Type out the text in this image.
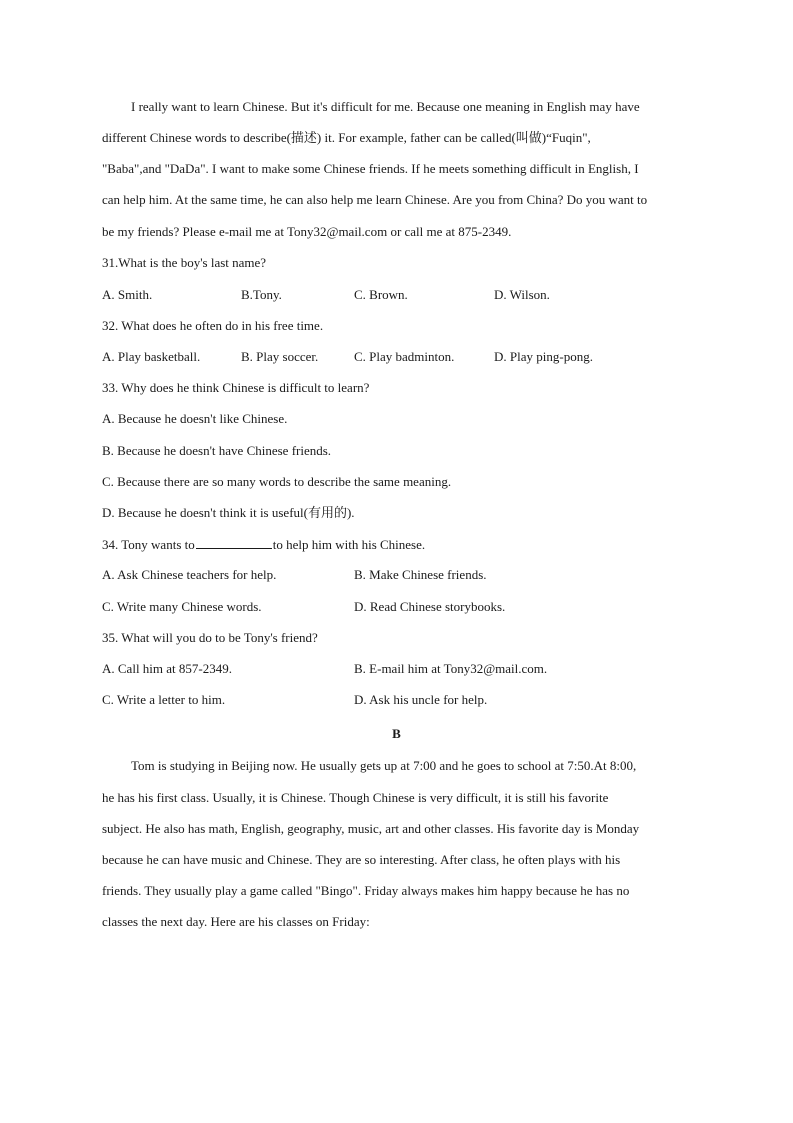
I really want to learn Chinese. But it's difficult for me. Because one meaning in English may have
different Chinese words to describe(描述) it. For example, father can be called(叫做)“Fuqin",
"Baba",and "DaDa". I want to make some Chinese friends. If he meets something difficult in English, I
can help him. At the same time, he can also help me learn Chinese. Are you from China? Do you want to
be my friends? Please e-mail me at Tony32@mail.com or call me at 875-2349.
31.What is the boy's last name?
A. Smith.	B.Tony.	C. Brown.	D. Wilson.
32. What does he often do in his free time.
A. Play basketball.	B. Play soccer.	C. Play badminton.	D. Play ping-pong.
33. Why does he think Chinese is difficult to learn?
A. Because he doesn't like Chinese.
B. Because he doesn't have Chinese friends.
C. Because there are so many words to describe the same meaning.
D. Because he doesn't think it is useful(有用的).
34. Tony wants to	to help him with his Chinese.
A. Ask Chinese teachers for help.	B. Make Chinese friends.
C. Write many Chinese words.	D. Read Chinese storybooks.
35. What will you do to be Tony's friend?
A. Call him at 857-2349.	B. E-mail him at Tony32@mail.com.
C. Write a letter to him.	D. Ask his uncle for help.
B
Tom is studying in Beijing now. He usually gets up at 7:00 and he goes to school at 7:50.At 8:00,
he has his first class. Usually, it is Chinese. Though Chinese is very difficult, it is still his favorite
subject. He also has math, English, geography, music, art and other classes. His favorite day is Monday
because he can have music and Chinese. They are so interesting. After class, he often plays with his
friends. They usually play a game called "Bingo". Friday always makes him happy because he has no
classes the next day. Here are his classes on Friday:
